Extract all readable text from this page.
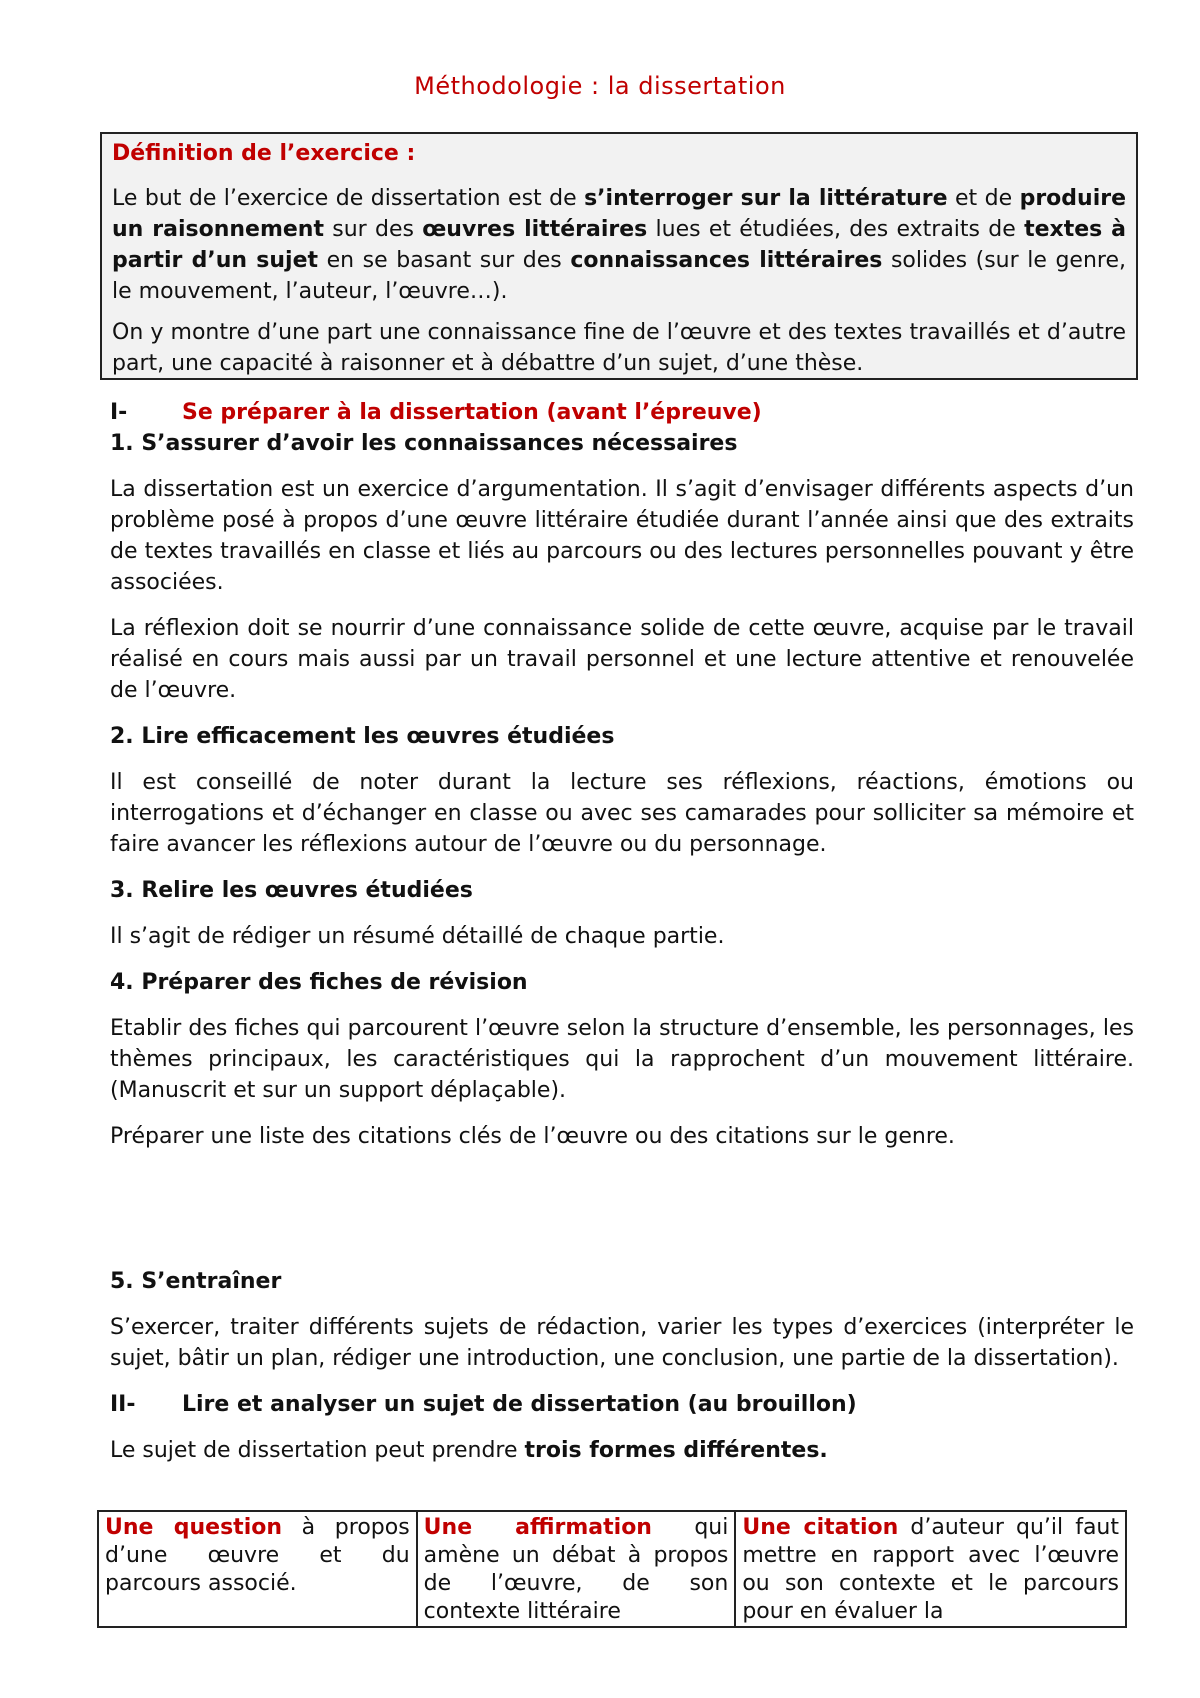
Méthodologie : la dissertation

Définition de l’exercice :

Le but de l’exercice de dissertation est de s’interroger sur la littérature et de produire un raisonnement sur des œuvres littéraires lues et étudiées, des extraits de textes à partir d’un sujet en se basant sur des connaissances littéraires solides (sur le genre, le mouvement, l’auteur, l’œuvre…).

On y montre d’une part une connaissance fine de l’œuvre et des textes travaillés et d’autre part, une capacité à raisonner et à débattre d’un sujet, d’une thèse.

I- Se préparer à la dissertation (avant l’épreuve)

1. S’assurer d’avoir les connaissances nécessaires

La dissertation est un exercice d’argumentation. Il s’agit d’envisager différents aspects d’un problème posé à propos d’une œuvre littéraire étudiée durant l’année ainsi que des extraits de textes travaillés en classe et liés au parcours ou des lectures personnelles pouvant y être associées.

La réflexion doit se nourrir d’une connaissance solide de cette œuvre, acquise par le travail réalisé en cours mais aussi par un travail personnel et une lecture attentive et renouvelée de l’œuvre.

2. Lire efficacement les œuvres étudiées

Il est conseillé de noter durant la lecture ses réflexions, réactions, émotions ou interrogations et d’échanger en classe ou avec ses camarades pour solliciter sa mémoire et faire avancer les réflexions autour de l’œuvre ou du personnage.

3. Relire les œuvres étudiées

Il s’agit de rédiger un résumé détaillé de chaque partie.

4. Préparer des fiches de révision

Etablir des fiches qui parcourent l’œuvre selon la structure d’ensemble, les personnages, les thèmes principaux, les caractéristiques qui la rapprochent d’un mouvement littéraire. (Manuscrit et sur un support déplaçable).

Préparer une liste des citations clés de l’œuvre ou des citations sur le genre.

5. S’entraîner

S’exercer, traiter différents sujets de rédaction, varier les types d’exercices (interpréter le sujet, bâtir un plan, rédiger une introduction, une conclusion, une partie de la dissertation).

II- Lire et analyser un sujet de dissertation (au brouillon)

Le sujet de dissertation peut prendre trois formes différentes.

Une question à propos d’une œuvre et du parcours associé.	Une affirmation qui amène un débat à propos de l’œuvre, de son contexte littéraire	Une citation d’auteur qu’il faut mettre en rapport avec l’œuvre ou son contexte et le parcours pour en évaluer la
